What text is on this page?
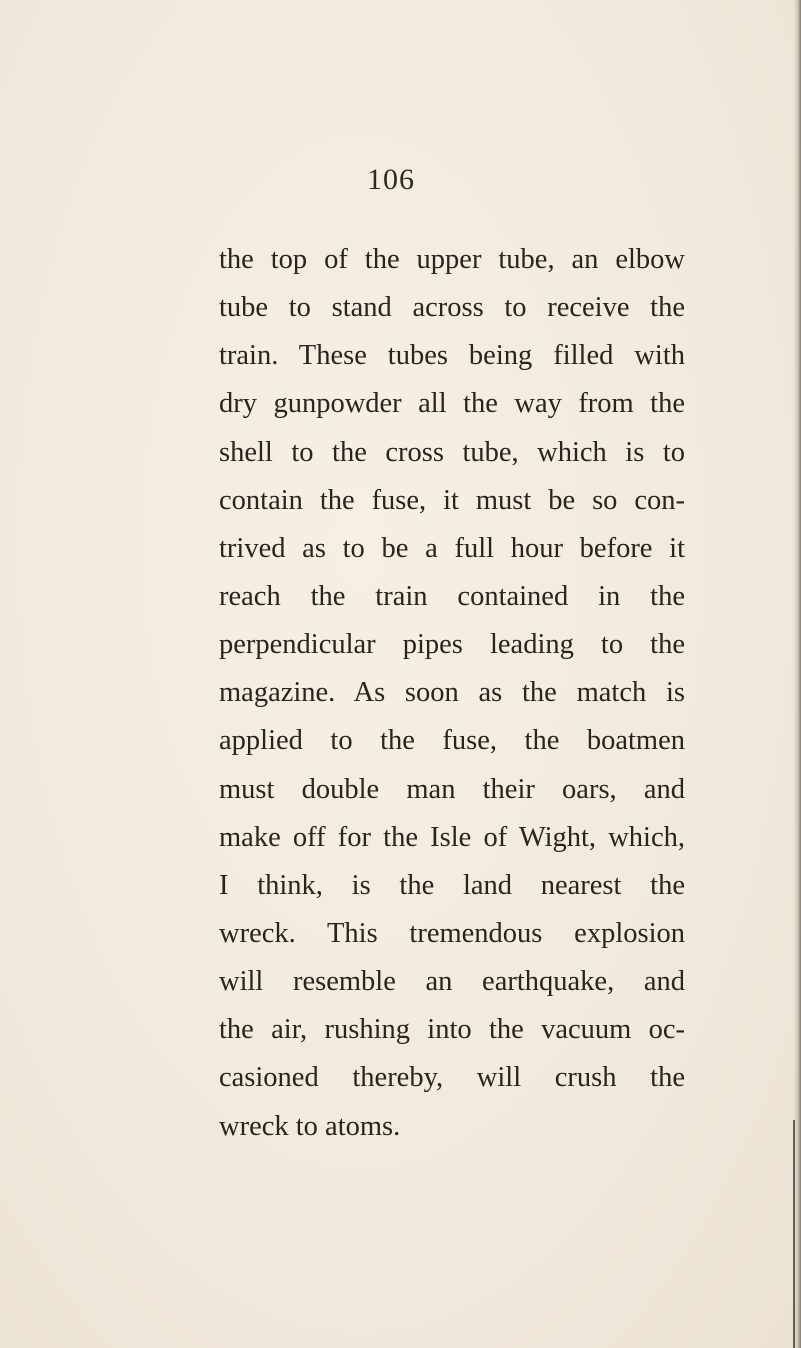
106
the top of the upper tube, an elbow
tube to stand across to receive the
train. These tubes being filled with
dry gunpowder all the way from the
shell to the cross tube, which is to
contain the fuse, it must be so con-
trived as to be a full hour before it
reach the train contained in the
perpendicular pipes leading to the
magazine. As soon as the match is
applied to the fuse, the boatmen
must double man their oars, and
make off for the Isle of Wight, which,
I think, is the land nearest the
wreck. This tremendous explosion
will resemble an earthquake, and
the air, rushing into the vacuum oc-
casioned thereby, will crush the
wreck to atoms.
